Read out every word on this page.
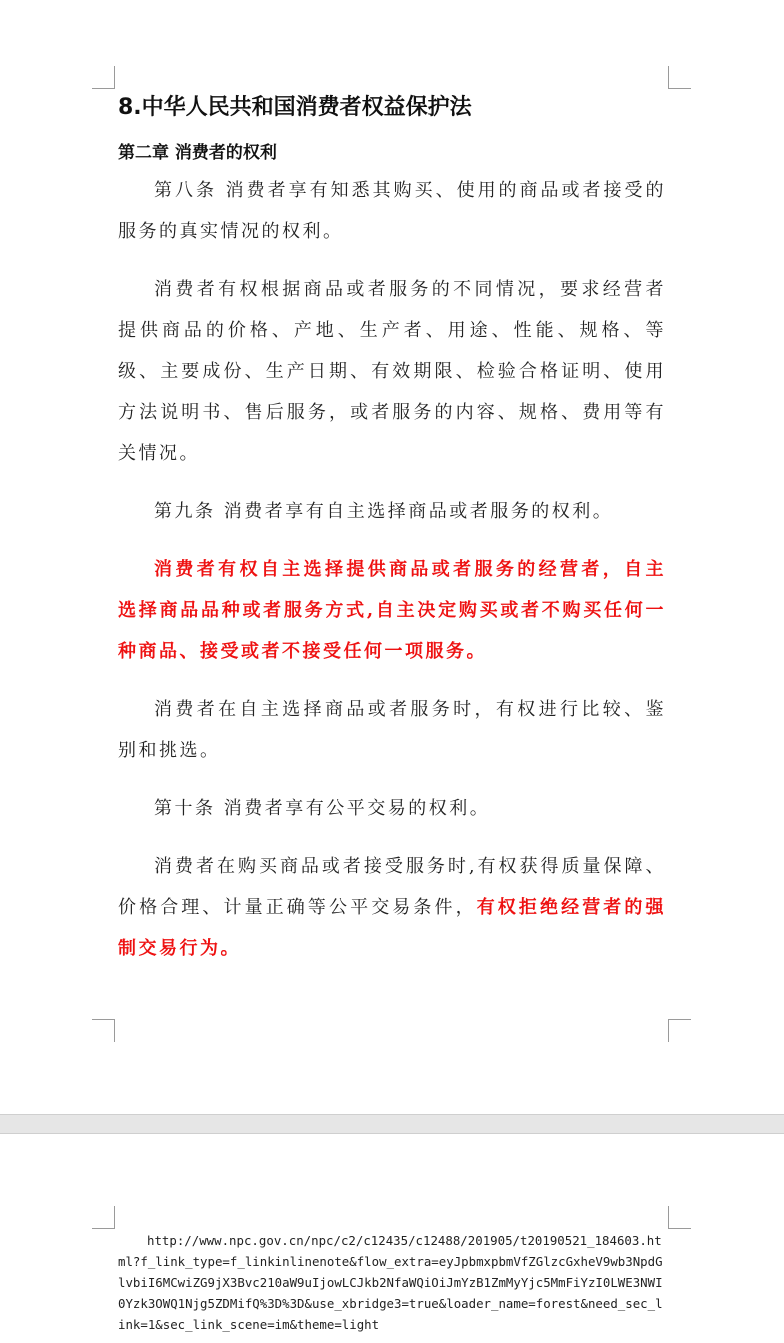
8.中华人民共和国消费者权益保护法
第二章 消费者的权利

第八条 消费者享有知悉其购买、使用的商品或者接受的服务的真实情况的权利。

消费者有权根据商品或者服务的不同情况，要求经营者提供商品的价格、产地、生产者、用途、性能、规格、等级、主要成份、生产日期、有效期限、检验合格证明、使用方法说明书、售后服务，或者服务的内容、规格、费用等有关情况。

第九条 消费者享有自主选择商品或者服务的权利。

消费者有权自主选择提供商品或者服务的经营者，自主选择商品品种或者服务方式,自主决定购买或者不购买任何一种商品、接受或者不接受任何一项服务。

消费者在自主选择商品或者服务时，有权进行比较、鉴别和挑选。

第十条 消费者享有公平交易的权利。

消费者在购买商品或者接受服务时,有权获得质量保障、价格合理、计量正确等公平交易条件，有权拒绝经营者的强制交易行为。

http://www.npc.gov.cn/npc/c2/c12435/c12488/201905/t20190521_184603.html?f_link_type=f_linkinlinenote&flow_extra=eyJpbmxpbmVfZGlzcGxheV9wb3NpdGlvbiI6MCwiZG9jX3Bvc210aW9uIjowLCJkb2NfaWQiOiJmYzB1ZmMyYjc5MmFiYzI0LWE3NWI0Yzk3OWQ1Njg5ZDMifQ%3D%3D&use_xbridge3=true&loader_name=forest&need_sec_link=1&sec_link_scene=im&theme=light
